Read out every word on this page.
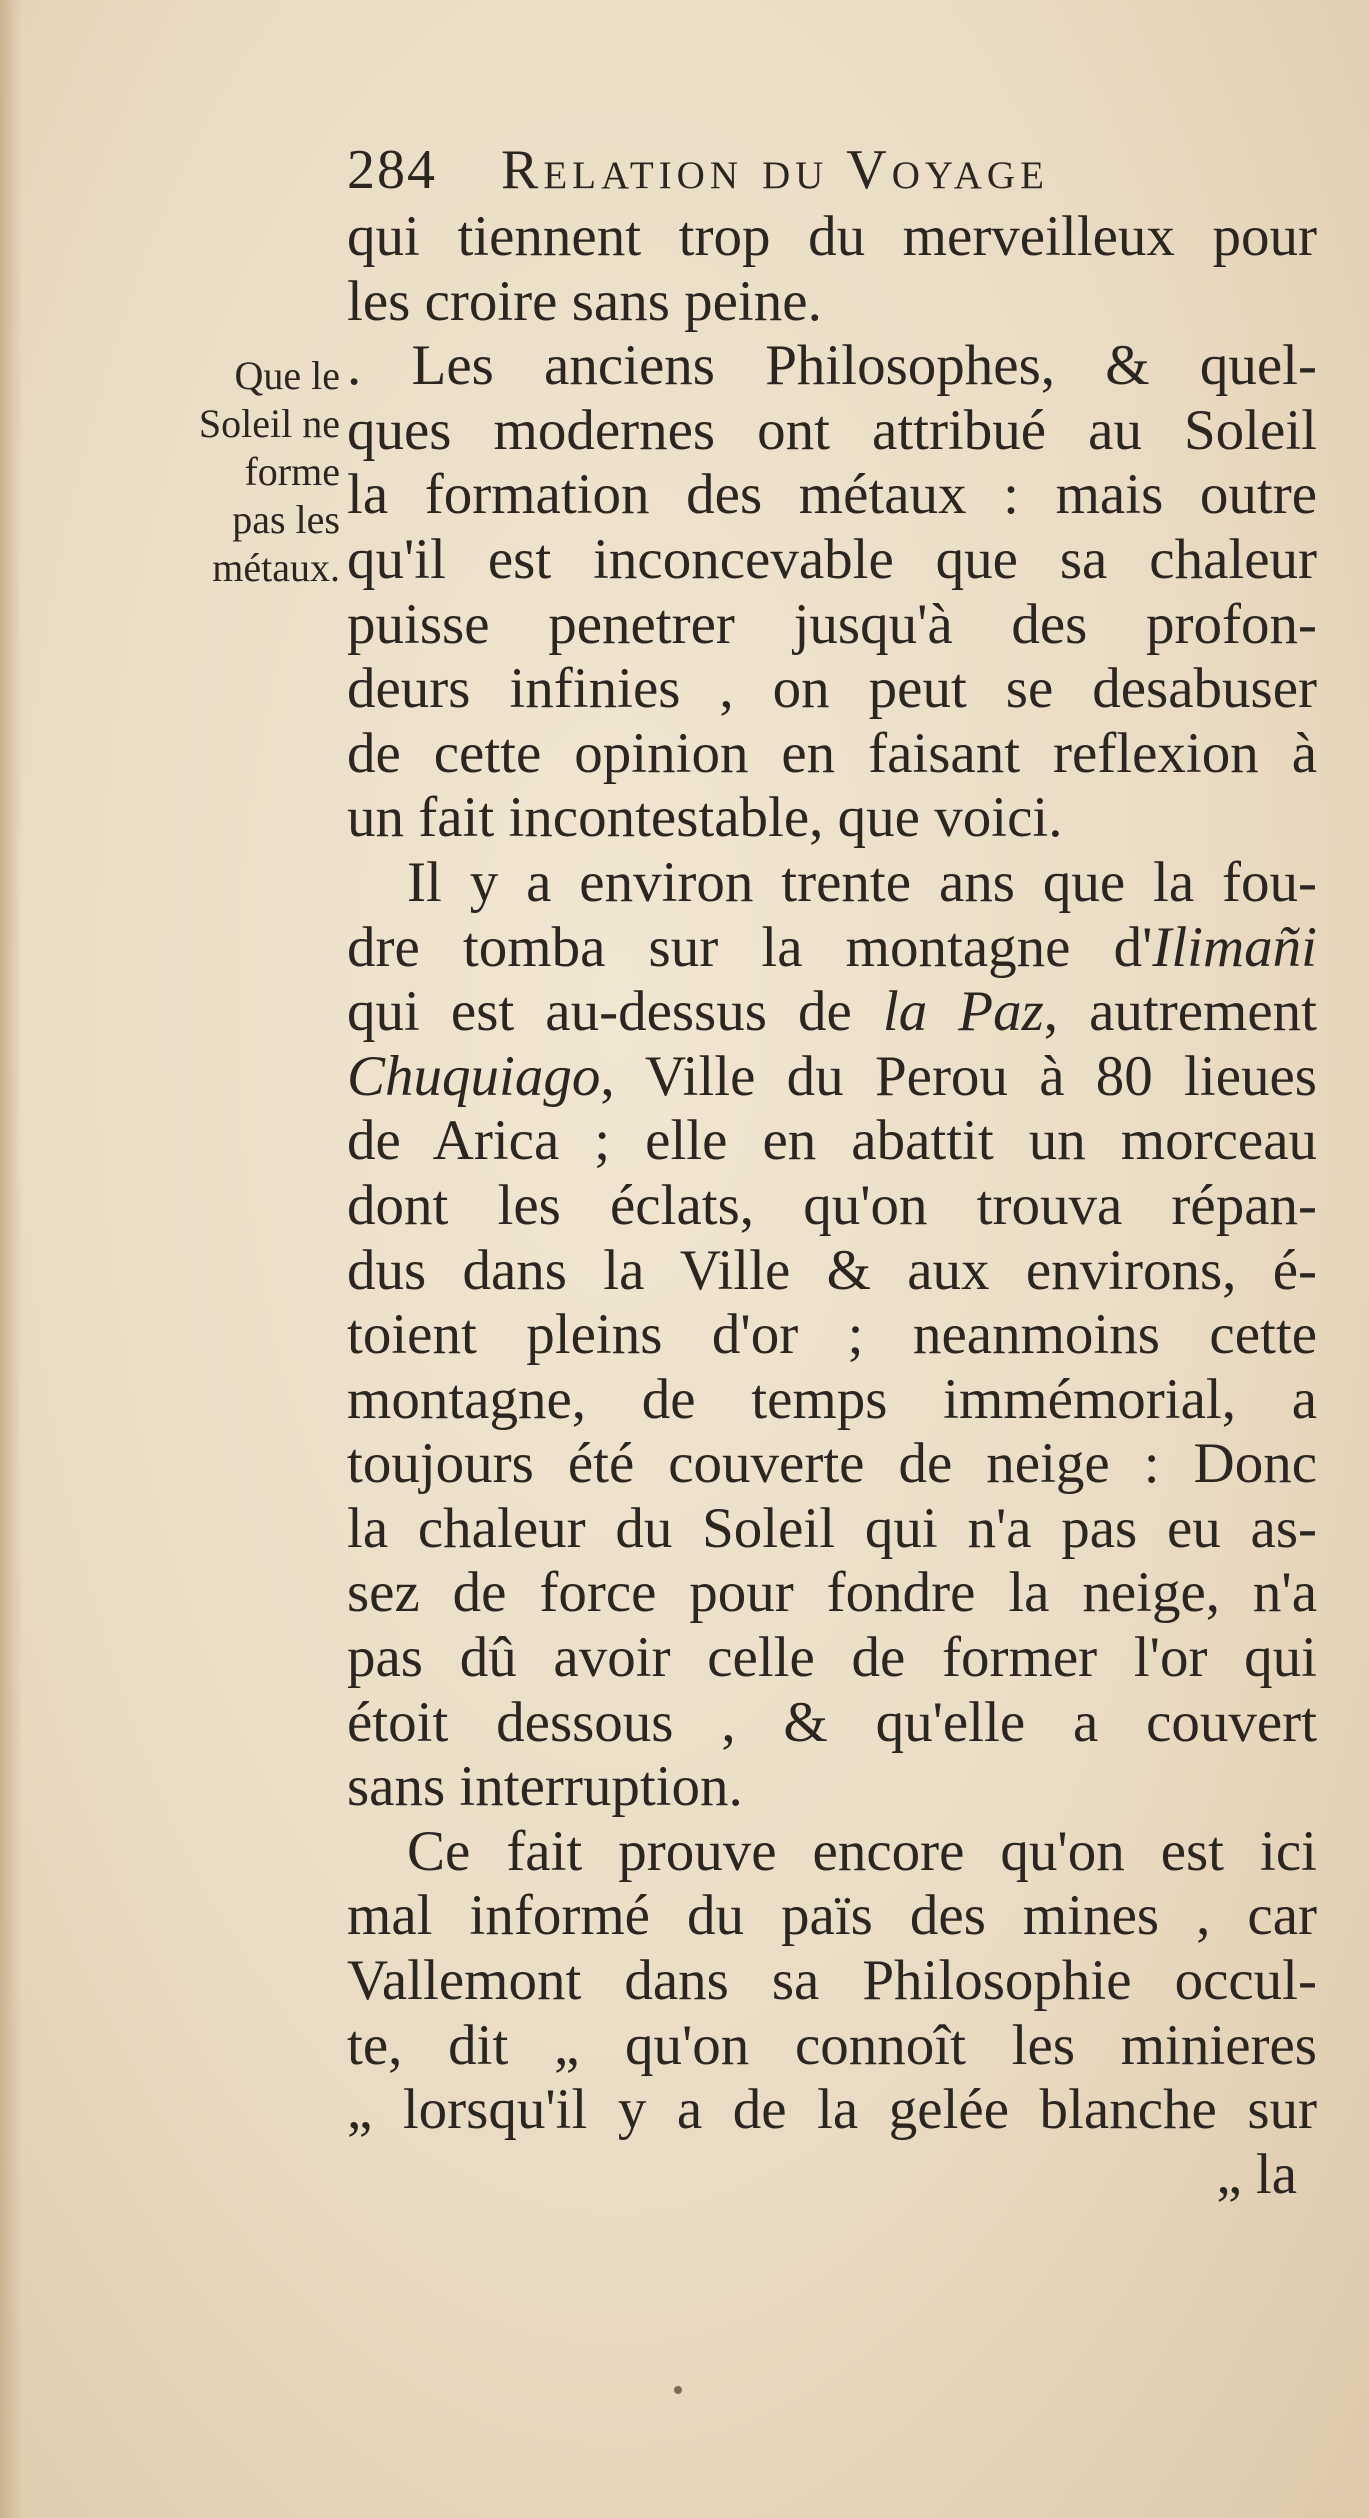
284 Relation du Voyage
Que le
Soleil ne
forme
pas les
métaux.
qui tiennent trop du merveilleux pour
les croire sans peine.
. Les anciens Philosophes, & quel-
ques modernes ont attribué au Soleil
la formation des métaux : mais outre
qu'il est inconcevable que sa chaleur
puisse penetrer jusqu'à des profon-
deurs infinies , on peut se desabuser
de cette opinion en faisant reflexion à
un fait incontestable, que voici.
Il y a environ trente ans que la fou-
dre tomba sur la montagne d'Ilimañi
qui est au-dessus de la Paz, autrement
Chuquiago, Ville du Perou à 80 lieues
de Arica ; elle en abattit un morceau
dont les éclats, qu'on trouva répan-
dus dans la Ville & aux environs, é-
toient pleins d'or ; neanmoins cette
montagne, de temps immémorial, a
toujours été couverte de neige : Donc
la chaleur du Soleil qui n'a pas eu as-
sez de force pour fondre la neige, n'a
pas dû avoir celle de former l'or qui
étoit dessous , & qu'elle a couvert
sans interruption.
Ce fait prouve encore qu'on est ici
mal informé du païs des mines , car
Vallemont dans sa Philosophie occul-
te, dit „ qu'on connoît les minieres
„ lorsqu'il y a de la gelée blanche sur
„ la
